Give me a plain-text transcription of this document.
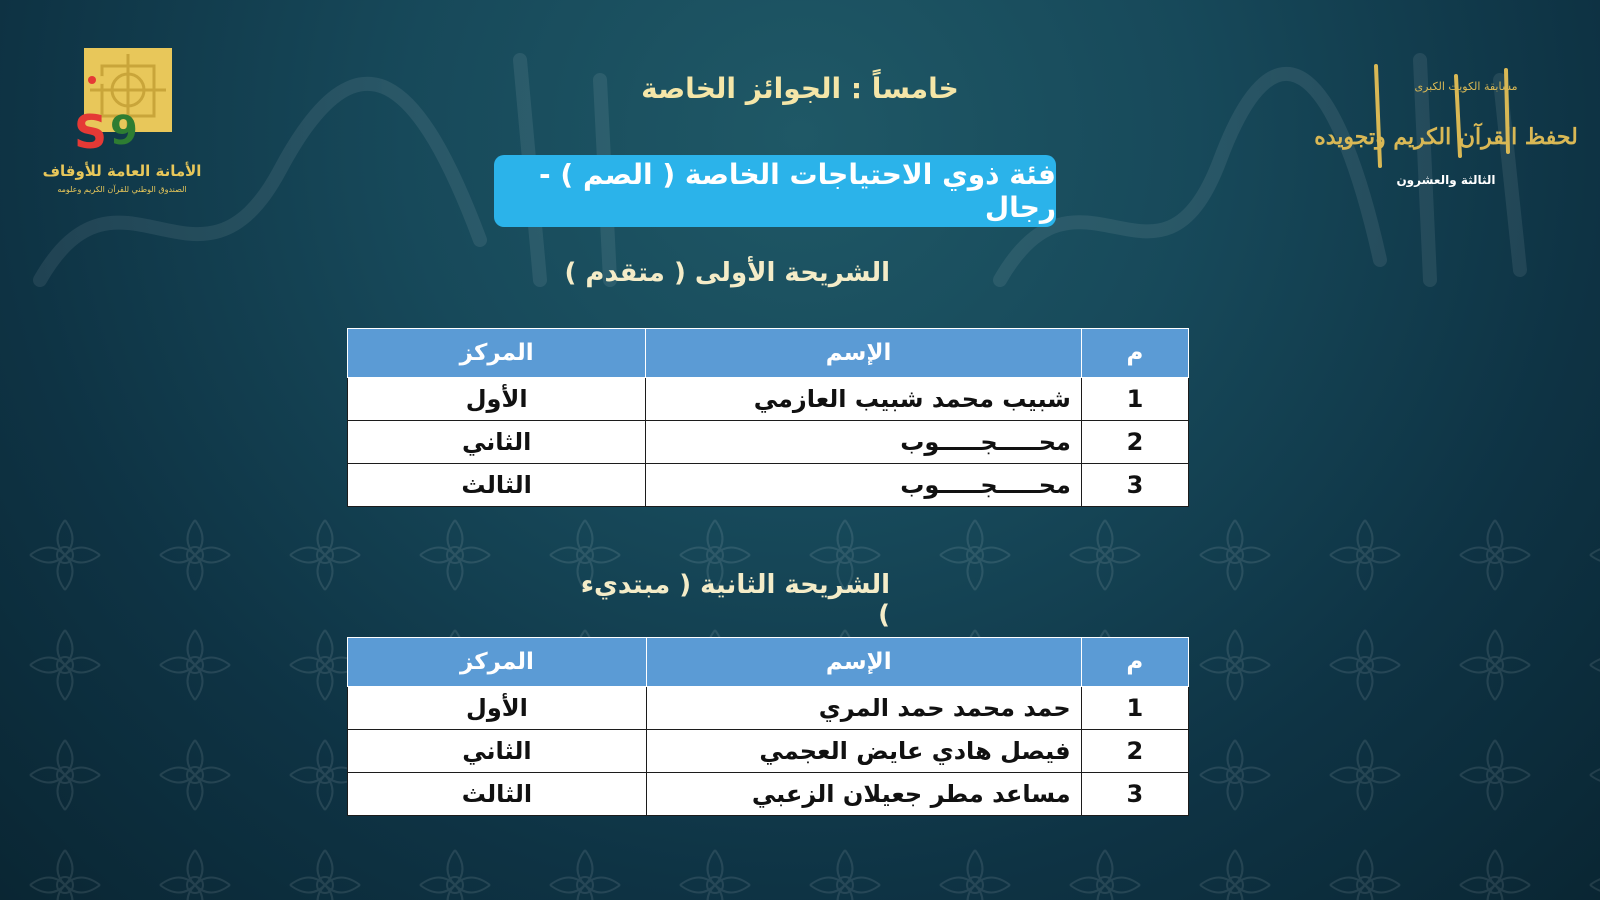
S 9
الأمانة العامة للأوقاف
الصندوق الوطني للقرآن الكريم وعلومه
مسابقة الكويت الكبرى
لحفظ القرآن الكريم وتجويده
الثالثة والعشرون
خامساً : الجوائز الخاصة
فئة ذوي الاحتياجات الخاصة ( الصم ) - رجال
الشريحة الأولى ( متقدم )
م	الإسم	المركز
1	شبيب محمد شبيب العازمي	الأول
2	محـــــجـــــوب	الثاني
3	محـــــجـــــوب	الثالث
الشريحة الثانية ( مبتديء )
م	الإسم	المركز
1	حمد محمد حمد المري	الأول
2	فيصل هادي عايض العجمي	الثاني
3	مساعد مطر جعيلان الزعبي	الثالث
